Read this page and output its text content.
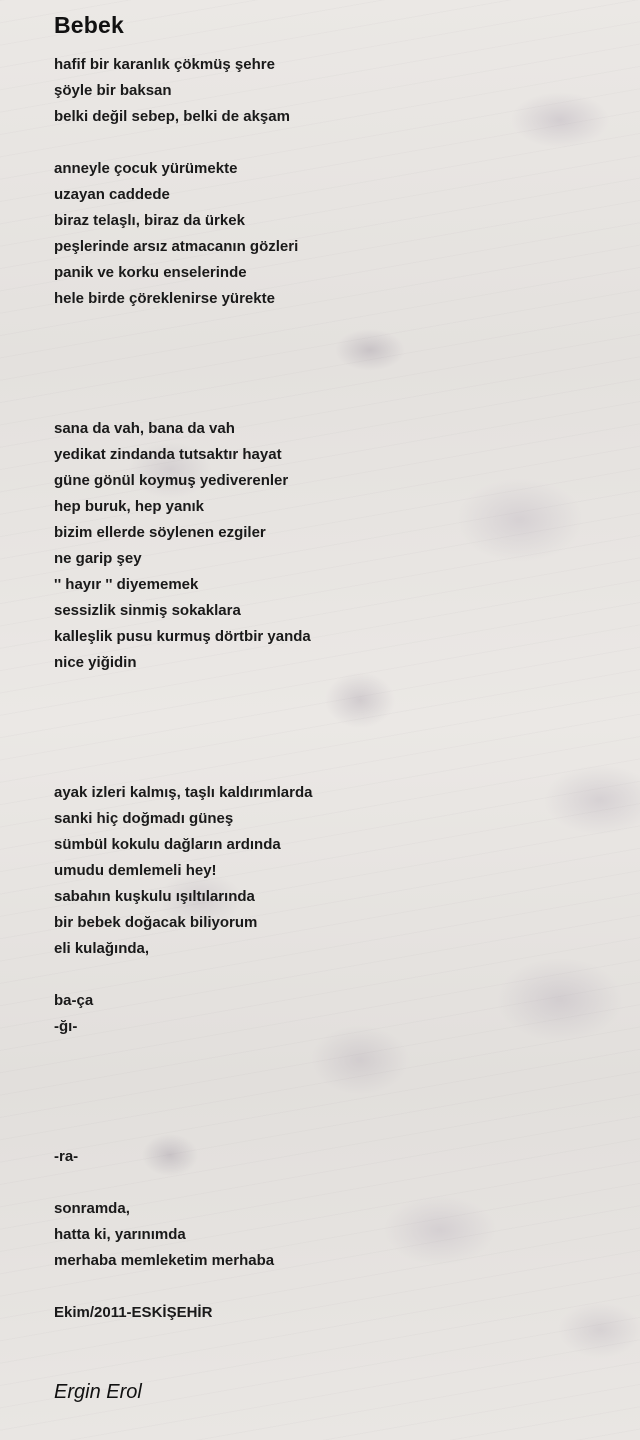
Bebek
hafif bir karanlık çökmüş şehre
şöyle bir baksan
belki değil sebep, belki de akşam
anneyle çocuk yürümekte
uzayan caddede
biraz telaşlı, biraz da ürkek
peşlerinde arsız atmacanın gözleri
panik ve korku enselerinde
hele birde çöreklenirse yürekte
sana da vah, bana da vah
yedikat zindanda tutsaktır hayat
güne gönül koymuş yediverenler
hep buruk, hep yanık
bizim ellerde söylenen ezgiler
ne garip şey
'' hayır '' diyememek
sessizlik sinmiş sokaklara
kalleşlik pusu kurmuş dörtbir yanda
nice yiğidin
ayak izleri kalmış, taşlı kaldırımlarda
sanki hiç doğmadı güneş
sümbül kokulu dağların ardında
umudu demlemeli hey!
sabahın kuşkulu ışıltılarında
bir bebek doğacak biliyorum
eli kulağında,
ba-ça
-ğı-
-ra-
sonramda,
hatta ki, yarınımda
merhaba memleketim merhaba
Ekim/2011-ESKİŞEHİR
Ergin Erol
